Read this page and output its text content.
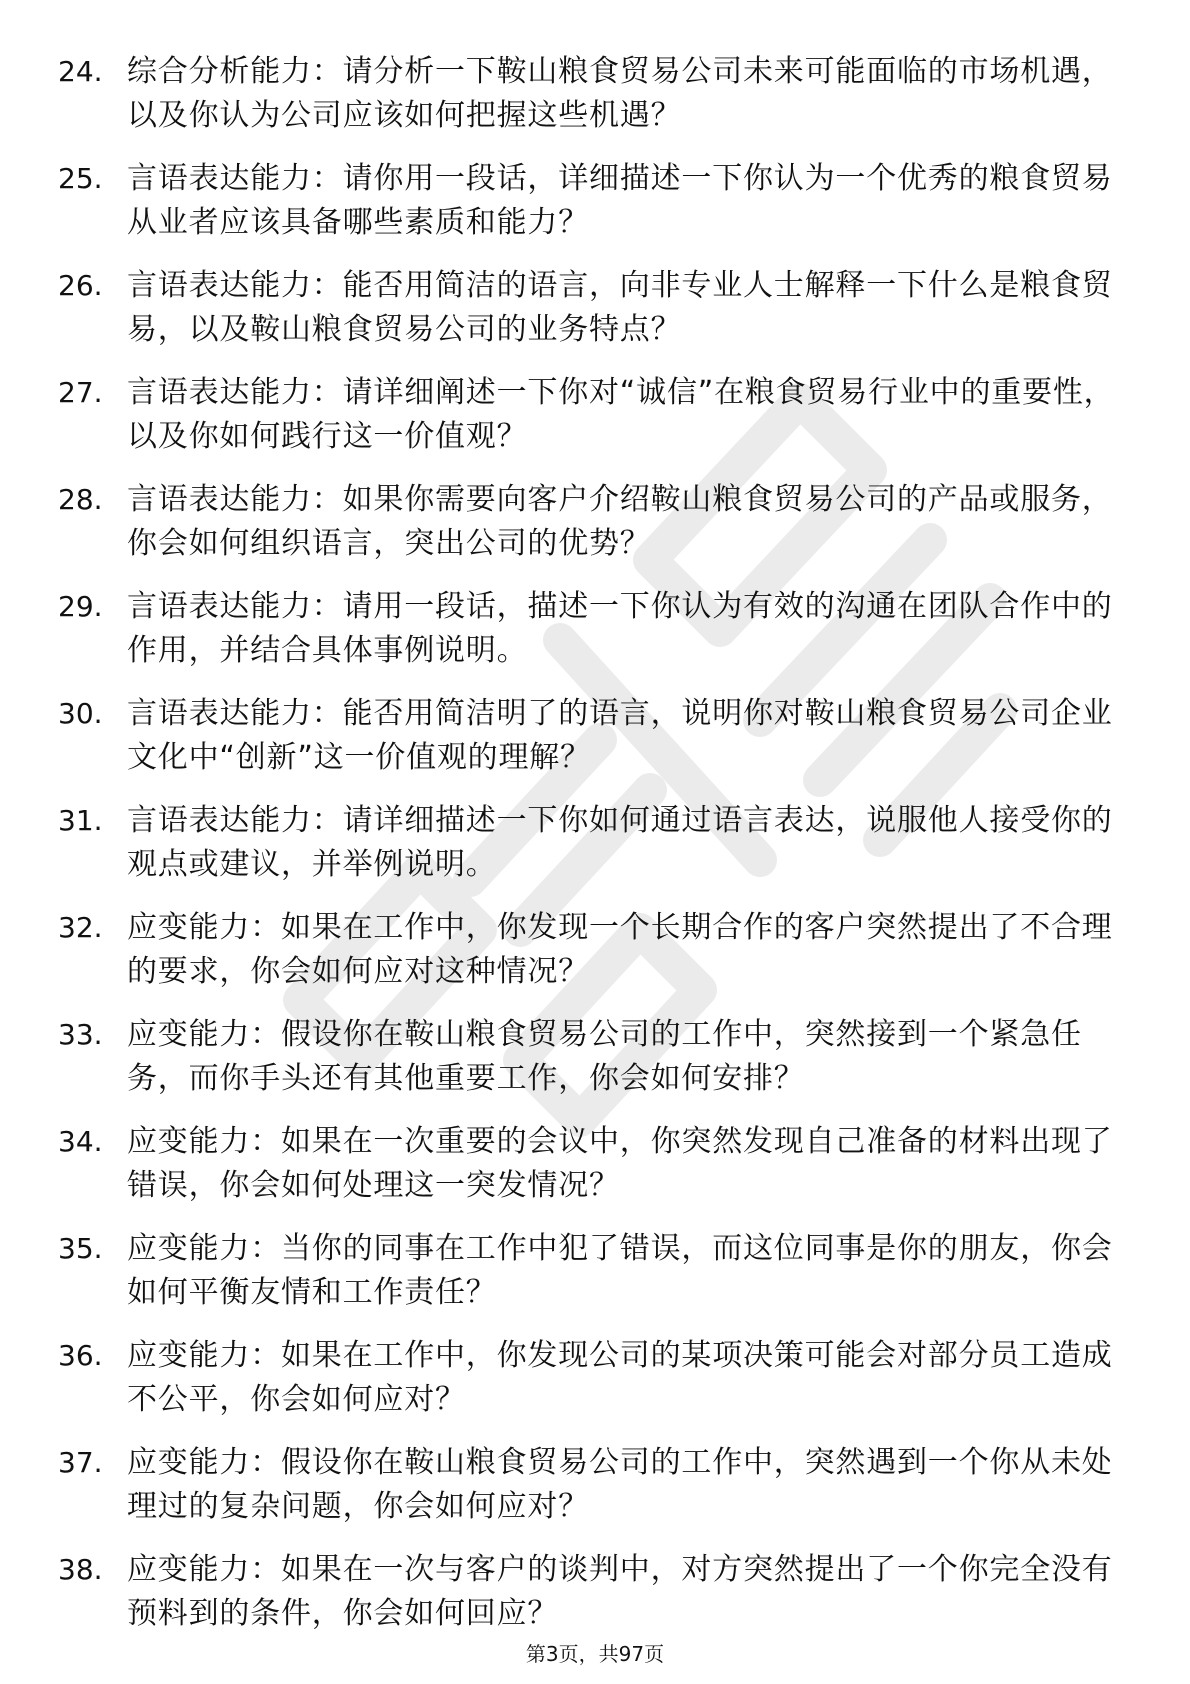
24. 综合分析能力：请分析一下鞍山粮食贸易公司未来可能面临的市场机遇，以及你认为公司应该如何把握这些机遇？
25. 言语表达能力：请你用一段话，详细描述一下你认为一个优秀的粮食贸易从业者应该具备哪些素质和能力？
26. 言语表达能力：能否用简洁的语言，向非专业人士解释一下什么是粮食贸易，以及鞍山粮食贸易公司的业务特点？
27. 言语表达能力：请详细阐述一下你对“诚信”在粮食贸易行业中的重要性，以及你如何践行这一价值观？
28. 言语表达能力：如果你需要向客户介绍鞍山粮食贸易公司的产品或服务，你会如何组织语言，突出公司的优势？
29. 言语表达能力：请用一段话，描述一下你认为有效的沟通在团队合作中的作用，并结合具体事例说明。
30. 言语表达能力：能否用简洁明了的语言，说明你对鞍山粮食贸易公司企业文化中“创新”这一价值观的理解？
31. 言语表达能力：请详细描述一下你如何通过语言表达，说服他人接受你的观点或建议，并举例说明。
32. 应变能力：如果在工作中，你发现一个长期合作的客户突然提出了不合理的要求，你会如何应对这种情况？
33. 应变能力：假设你在鞍山粮食贸易公司的工作中，突然接到一个紧急任务，而你手头还有其他重要工作，你会如何安排？
34. 应变能力：如果在一次重要的会议中，你突然发现自己准备的材料出现了错误，你会如何处理这一突发情况？
35. 应变能力：当你的同事在工作中犯了错误，而这位同事是你的朋友，你会如何平衡友情和工作责任？
36. 应变能力：如果在工作中，你发现公司的某项决策可能会对部分员工造成不公平，你会如何应对？
37. 应变能力：假设你在鞍山粮食贸易公司的工作中，突然遇到一个你从未处理过的复杂问题，你会如何应对？
38. 应变能力：如果在一次与客户的谈判中，对方突然提出了一个你完全没有预料到的条件，你会如何回应？
第3页，共97页
